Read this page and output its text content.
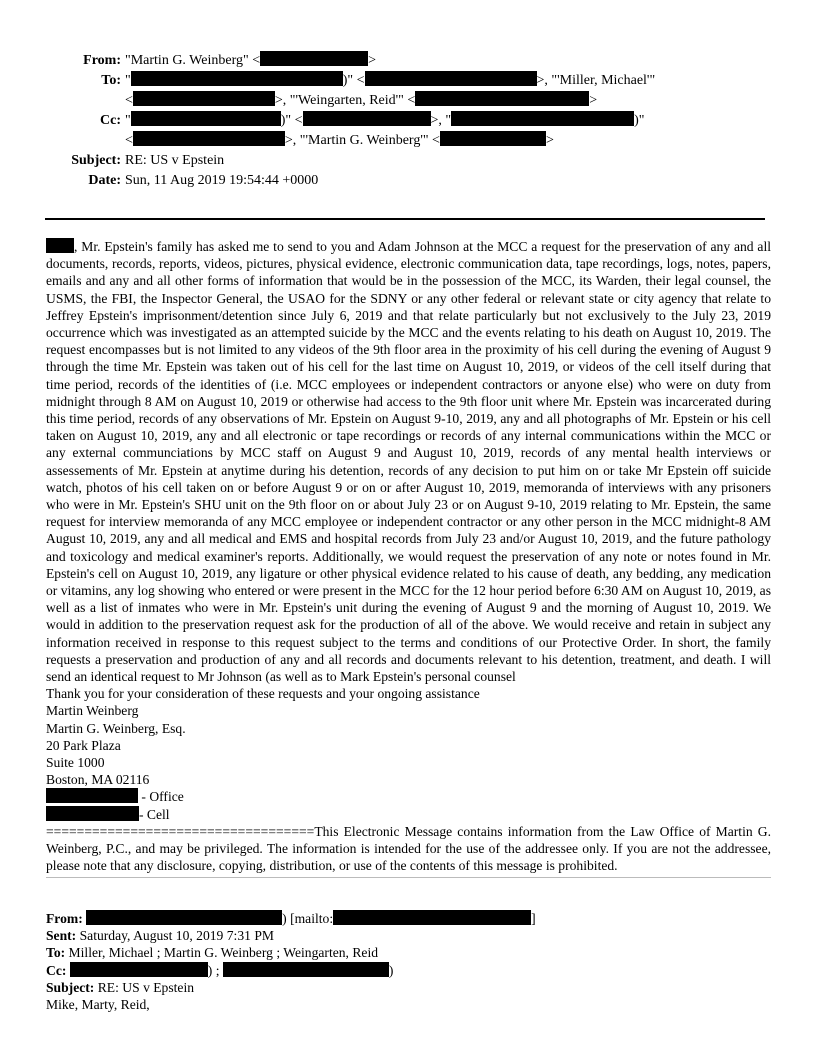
From: "Martin G. Weinberg" <	>
To: "	)" <	>, "'Miller, Michael'"
<	>, "'Weingarten, Reid'" <	>
Cc: "	)" <	>, "	)"
<	>, "'Martin G. Weinberg'" <	>
Subject: RE: US v Epstein
Date: Sun, 11 Aug 2019 19:54:44 +0000

, Mr. Epstein's family has asked me to send to you and Adam Johnson at the MCC a request for the preservation of any and all documents, records, reports, videos, pictures, physical evidence, electronic communication data, tape recordings, logs, notes, papers, emails and any and all other forms of information that would be in the possession of the MCC, its Warden, their legal counsel, the USMS, the FBI, the Inspector General, the USAO for the SDNY or any other federal or relevant state or city agency that relate to Jeffrey Epstein's imprisonment/detention since July 6, 2019 and that relate particularly but not exclusively to the July 23, 2019 occurrence which was investigated as an attempted suicide by the MCC and the events relating to his death on August 10, 2019. The request encompasses but is not limited to any videos of the 9th floor area in the proximity of his cell during the evening of August 9 through the time Mr. Epstein was taken out of his cell for the last time on August 10, 2019, or videos of the cell itself during that time period, records of the identities of (i.e. MCC employees or independent contractors or anyone else) who were on duty from midnight through 8 AM on August 10, 2019 or otherwise had access to the 9th floor unit where Mr. Epstein was incarcerated during this time period, records of any observations of Mr. Epstein on August 9-10, 2019, any and all photographs of Mr. Epstein or his cell taken on August 10, 2019, any and all electronic or tape recordings or records of any internal communications within the MCC or any external communciations by MCC staff on August 9 and August 10, 2019, records of any mental health interviews or assessements of Mr. Epstein at anytime during his detention, records of any decision to put him on or take Mr Epstein off suicide watch, photos of his cell taken on or before August 9 or on or after August 10, 2019, memoranda of interviews with any prisoners who were in Mr. Epstein's SHU unit on the 9th floor on or about July 23 or on August 9-10, 2019 relating to Mr. Epstein, the same request for interview memoranda of any MCC employee or independent contractor or any other person in the MCC midnight-8 AM August 10, 2019, any and all medical and EMS and hospital records from July 23 and/or August 10, 2019, and the future pathology and toxicology and medical examiner's reports. Additionally, we would request the preservation of any note or notes found in Mr. Epstein's cell on August 10, 2019, any ligature or other physical evidence related to his cause of death, any bedding, any medication or vitamins, any log showing who entered or were present in the MCC for the 12 hour period before 6:30 AM on August 10, 2019, as well as a list of inmates who were in Mr. Epstein's unit during the evening of August 9 and the morning of August 10, 2019. We would in addition to the preservation request ask for the production of all of the above. We would receive and retain in subject any information received in response to this request subject to the terms and conditions of our Protective Order. In short, the family requests a preservation and production of any and all records and documents relevant to his detention, treatment, and death. I will send an identical request to Mr Johnson (as well as to Mark Epstein's personal counsel

Thank you for your consideration of these requests and your ongoing assistance

Martin Weinberg
Martin G. Weinberg, Esq.
20 Park Plaza
Suite 1000
Boston, MA 02116
- Office
- Cell

===================================This Electronic Message contains information from the Law Office of Martin G. Weinberg, P.C., and may be privileged. The information is intended for the use of the addressee only. If you are not the addressee, please note that any disclosure, copying, distribution, or use of the contents of this message is prohibited.

From:	) [mailto:	]
Sent: Saturday, August 10, 2019 7:31 PM
To: Miller, Michael ; Martin G. Weinberg ; Weingarten, Reid
Cc:	) ;	)
Subject: RE: US v Epstein
Mike, Marty, Reid,
